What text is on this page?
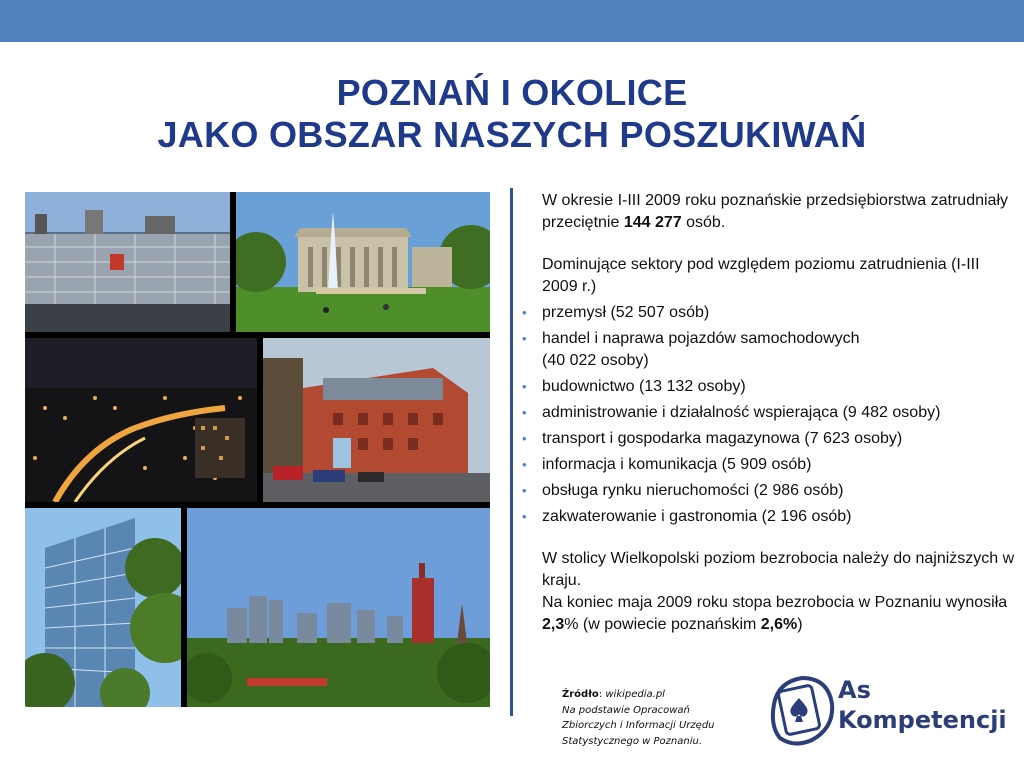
POZNAŃ I OKOLICE
JAKO OBSZAR NASZYCH POSZUKIWAŃ
W okresie I-III 2009 roku poznańskie przedsiębiorstwa zatrudniały przeciętnie 144 277 osób.
Dominujące sektory pod względem poziomu zatrudnienia (I-III 2009 r.)
• przemysł (52 507 osób)
• handel i naprawa pojazdów samochodowych
(40 022 osoby)
• budownictwo (13 132 osoby)
• administrowanie i działalność wspierająca (9 482 osoby)
• transport i gospodarka magazynowa (7 623 osoby)
• informacja i komunikacja (5 909 osób)
• obsługa rynku nieruchomości (2 986 osób)
• zakwaterowanie i gastronomia (2 196 osób)
W stolicy Wielkopolski poziom bezrobocia należy do najniższych w kraju.
Na koniec maja 2009 roku stopa bezrobocia w Poznaniu wynosiła 2,3% (w powiecie poznańskim 2,6%)
Źródło: wikipedia.pl
Na podstawie Opracowań
Zbiorczych i Informacji Urzędu
Statystycznego w Poznaniu.
As
Kompetencji
